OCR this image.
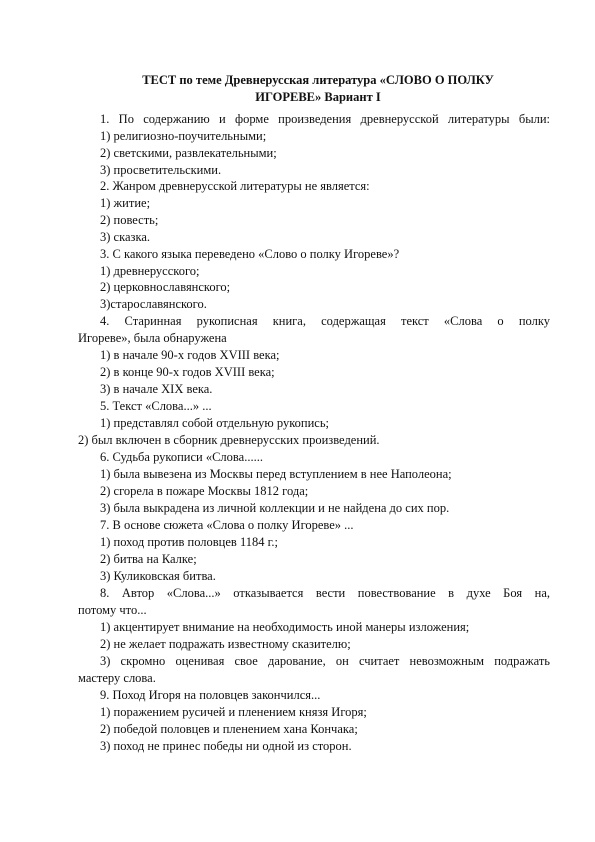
ТЕСТ по теме Древнерусская литература «СЛОВО О ПОЛКУ
ИГОРЕВЕ» Вариант I
1. По содержанию и форме произведения древнерусской литературы были:
1) религиозно-поучительными;
2) светскими, развлекательными;
3) просветительскими.
2. Жанром древнерусской литературы не является:
1) житие;
2) повесть;
3) сказка.
3. С какого языка переведено «Слово о полку Игореве»?
1) древнерусского;
2) церковнославянского;
3)старославянского.
4. Старинная рукописная книга, содержащая текст «Слова о полку
Игореве», была обнаружена
1) в начале 90-х годов XVIII века;
2) в конце 90-х годов XVIII века;
3) в начале XIX века.
5. Текст «Слова...» ...
1) представлял собой отдельную рукопись;
2) был включен в сборник древнерусских произведений.
6. Судьба рукописи «Слова......
1) была вывезена из Москвы перед вступлением в нее Наполеона;
2) сгорела в пожаре Москвы 1812 года;
3) была выкрадена из личной коллекции и не найдена до сих пор.
7. В основе сюжета «Слова о полку Игореве» ...
1) поход против половцев 1184 г.;
2) битва на Калке;
3) Куликовская битва.
8. Автор «Слова...» отказывается вести повествование в духе Боя на,
потому что...
1) акцентирует внимание на необходимость иной манеры изложения;
2) не желает подражать известному сказителю;
3) скромно оценивая свое дарование, он считает невозможным подражать
мастеру слова.
9. Поход Игоря на половцев закончился...
1) поражением русичей и пленением князя Игоря;
2) победой половцев и пленением хана Кончака;
3) поход не принес победы ни одной из сторон.
